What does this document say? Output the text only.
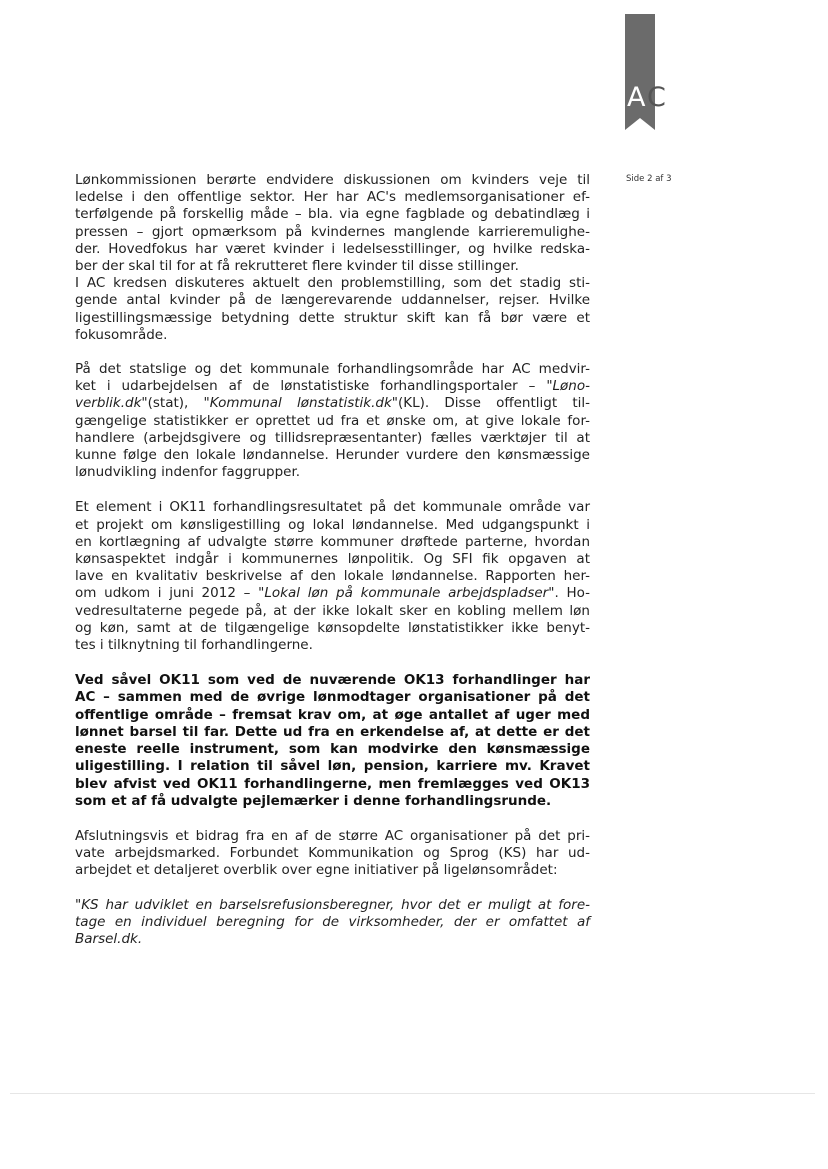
AC
Side 2 af 3
Lønkommissionen berørte endvidere diskussionen om kvinders veje til
ledelse i den offentlige sektor. Her har AC's medlemsorganisationer ef-
terfølgende på forskellig måde – bla. via egne fagblade og debatindlæg i
pressen – gjort opmærksom på kvindernes manglende karrieremulighe-
der. Hovedfokus har været kvinder i ledelsesstillinger, og hvilke redska-
ber der skal til for at få rekrutteret flere kvinder til disse stillinger.
I AC kredsen diskuteres aktuelt den problemstilling, som det stadig sti-
gende antal kvinder på de længerevarende uddannelser, rejser. Hvilke
ligestillingsmæssige betydning dette struktur skift kan få bør være et
fokusområde.
På det statslige og det kommunale forhandlingsområde har AC medvir-
ket i udarbejdelsen af de lønstatistiske forhandlingsportaler – "Løno-
verblik.dk"(stat), "Kommunal lønstatistik.dk"(KL). Disse offentligt til-
gængelige statistikker er oprettet ud fra et ønske om, at give lokale for-
handlere (arbejdsgivere og tillidsrepræsentanter) fælles værktøjer til at
kunne følge den lokale løndannelse. Herunder vurdere den kønsmæssige
lønudvikling indenfor faggrupper.
Et element i OK11 forhandlingsresultatet på det kommunale område var
et projekt om kønsligestilling og lokal løndannelse. Med udgangspunkt i
en kortlægning af udvalgte større kommuner drøftede parterne, hvordan
kønsaspektet indgår i kommunernes lønpolitik. Og SFI fik opgaven at
lave en kvalitativ beskrivelse af den lokale løndannelse. Rapporten her-
om udkom i juni 2012 – "Lokal løn på kommunale arbejdspladser". Ho-
vedresultaterne pegede på, at der ikke lokalt sker en kobling mellem løn
og køn, samt at de tilgængelige kønsopdelte lønstatistikker ikke benyt-
tes i tilknytning til forhandlingerne.
Ved såvel OK11 som ved de nuværende OK13 forhandlinger har
AC – sammen med de øvrige lønmodtager organisationer på det
offentlige område – fremsat krav om, at øge antallet af uger med
lønnet barsel til far. Dette ud fra en erkendelse af, at dette er det
eneste reelle instrument, som kan modvirke den kønsmæssige
uligestilling. I relation til såvel løn, pension, karriere mv. Kravet
blev afvist ved OK11 forhandlingerne, men fremlægges ved OK13
som et af få udvalgte pejlemærker i denne forhandlingsrunde.
Afslutningsvis et bidrag fra en af de større AC organisationer på det pri-
vate arbejdsmarked. Forbundet Kommunikation og Sprog (KS) har ud-
arbejdet et detaljeret overblik over egne initiativer på ligelønsområdet:
"KS har udviklet en barselsrefusionsberegner, hvor det er muligt at fore-
tage en individuel beregning for de virksomheder, der er omfattet af
Barsel.dk.
